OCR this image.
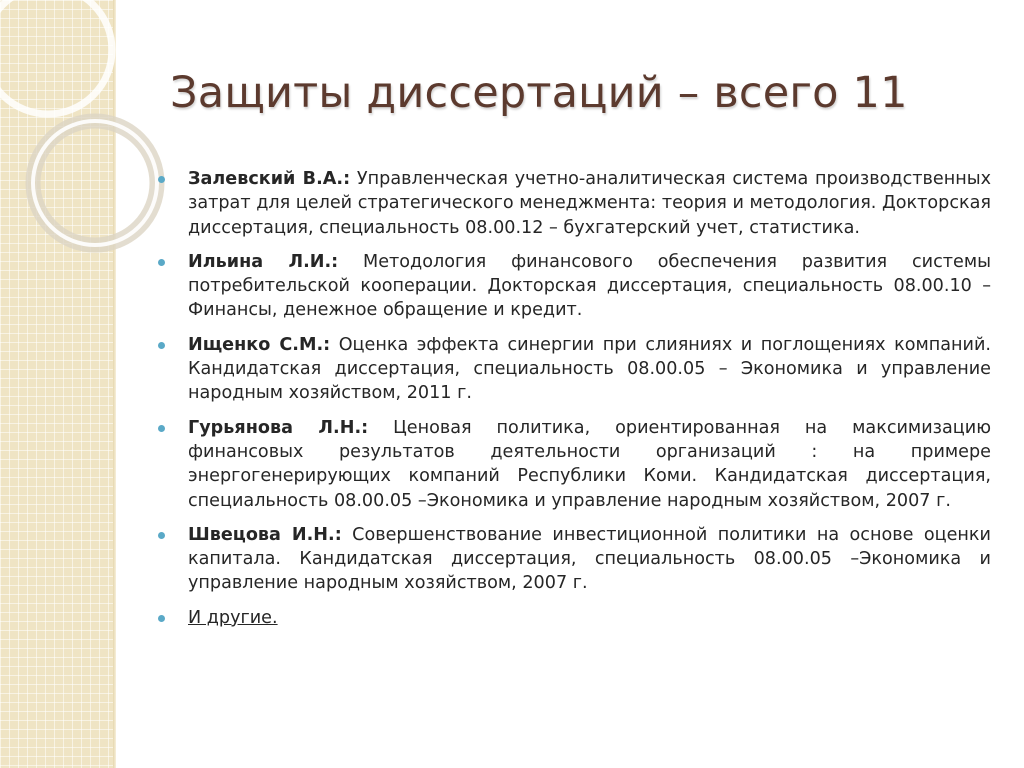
Защиты диссертаций – всего 11
Залевский В.А.: Управленческая учетно-аналитическая система производственных затрат для целей стратегического менеджмента: теория и методология. Докторская диссертация, специальность 08.00.12 – бухгатерский учет, статистика.
Ильина Л.И.: Методология финансового обеспечения развития системы потребительской кооперации. Докторская диссертация, специальность 08.00.10 – Финансы, денежное обращение и кредит.
Ищенко С.М.: Оценка эффекта синергии при слияниях и поглощениях компаний. Кандидатская диссертация, специальность 08.00.05 – Экономика и управление народным хозяйством, 2011 г.
Гурьянова Л.Н.: Ценовая политика, ориентированная на максимизацию финансовых результатов деятельности организаций : на примере энергогенерирующих компаний Республики Коми. Кандидатская диссертация, специальность 08.00.05 –Экономика и управление народным хозяйством, 2007 г.
Швецова И.Н.: Совершенствование инвестиционной политики на основе оценки капитала. Кандидатская диссертация, специальность 08.00.05 –Экономика и управление народным хозяйством, 2007 г.
И другие.
